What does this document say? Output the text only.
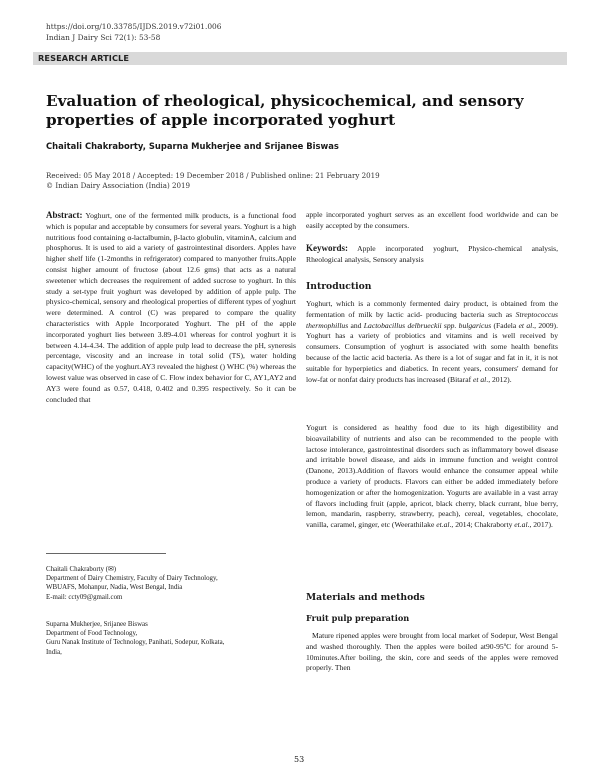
https://doi.org/10.33785/IJDS.2019.v72i01.006
Indian J Dairy Sci 72(1): 53-58
RESEARCH ARTICLE
Evaluation of rheological, physicochemical, and sensory properties of apple incorporated yoghurt
Chaitali Chakraborty, Suparna Mukherjee and Srijanee Biswas
Received: 05 May 2018 / Accepted: 19 December 2018 / Published online: 21 February 2019
© Indian Dairy Association (India) 2019

Abstract: Yoghurt, one of the fermented milk products, is a functional food which is popular and acceptable by consumers for several years. Yoghurt is a high nutritious food containing α-lactalbumin, β-lacto globulin, vitaminA, calcium and phosphorus. It is used to aid a variety of gastrointestinal disorders. Apples have higher shelf life (1-2months in refrigerator) compared to manyother fruits.Apple consist higher amount of fructose (about 12.6 gms) that acts as a natural sweetener which decreases the requirement of added sucrose to yoghurt. In this study a set-type fruit yoghurt was developed by addition of apple pulp. The physico-chemical, sensory and rheological properties of different types of yoghurt were determined. A control (C) was prepared to compare the quality characteristics with Apple Incorporated Yoghurt. The pH of the apple incorporated yoghurt lies between 3.89-4.01 whereas for control yoghurt it is between 4.14-4.34. The addition of apple pulp lead to decrease the pH, syneresis percentage, viscosity and an increase in total solid (TS), water holding capacity(WHC) of the yoghurt.AY3 revealed the highest () WHC (%) whereas the lowest value was observed in case of C. Flow index behavior for C, AY1,AY2 and AY3 were found as 0.57, 0.418, 0.402 and 0.395 respectively. So it can be concluded that

apple incorporated yoghurt serves as an excellent food worldwide and can be easily accepted by the consumers.

Keywords: Apple incorporated yoghurt, Physico-chemical analysis, Rheological analysis, Sensory analysis

Introduction

Yoghurt, which is a commonly fermented dairy product, is obtained from the fermentation of milk by lactic acid- producing bacteria such as Streptococcus thermophillus and Lactobacillus delbrueckii spp. bulgaricus (Fadela et al., 2009). Yoghurt has a variety of probiotics and vitamins and is well received by consumers. Consumption of yoghurt is associated with some health benefits because of the lactic acid bacteria. As there is a lot of sugar and fat in it, it is not suitable for hyperpietics and diabetics. In recent years, consumers' demand for low-fat or nonfat dairy products has increased (Bitaraf et al., 2012).

Yogurt is considered as healthy food due to its high digestibility and bioavailability of nutrients and also can be recommended to the people with lactose intolerance, gastrointestinal disorders such as inflammatory bowel disease and irritable bowel disease, and aids in immune function and weight control (Danone, 2013).Addition of flavors would enhance the consumer appeal while produce a variety of products. Flavors can either be added immediately before homogenization or after the homogenization. Yogurts are available in a vast array of flavors including fruit (apple, apricot, black cherry, black currant, blue berry, lemon, mandarin, raspberry, strawberry, peach), cereal, vegetables, chocolate, vanilla, caramel, ginger, etc (Weerathilake et.al., 2014; Chakraborty et.al., 2017).

Materials and methods
Fruit pulp preparation
Mature ripened apples were brought from local market of Sodepur, West Bengal and washed thoroughly. Then the apples were boiled at90-95ºC for around 5-10minutes.After boiling, the skin, core and seeds of the apples were removed properly. Then
Chaitali Chakraborty (✉)
Department of Dairy Chemistry, Faculty of Dairy Technology,
WBUAFS, Mohanpur, Nadia, West Bengal, India
E-mail: ccty09@gmail.com
Suparna Mukherjee, Srijanee Biswas
Department of Food Technology,
Guru Nanak Institute of Technology, Panihati, Sodepur, Kolkata,
India,
53
